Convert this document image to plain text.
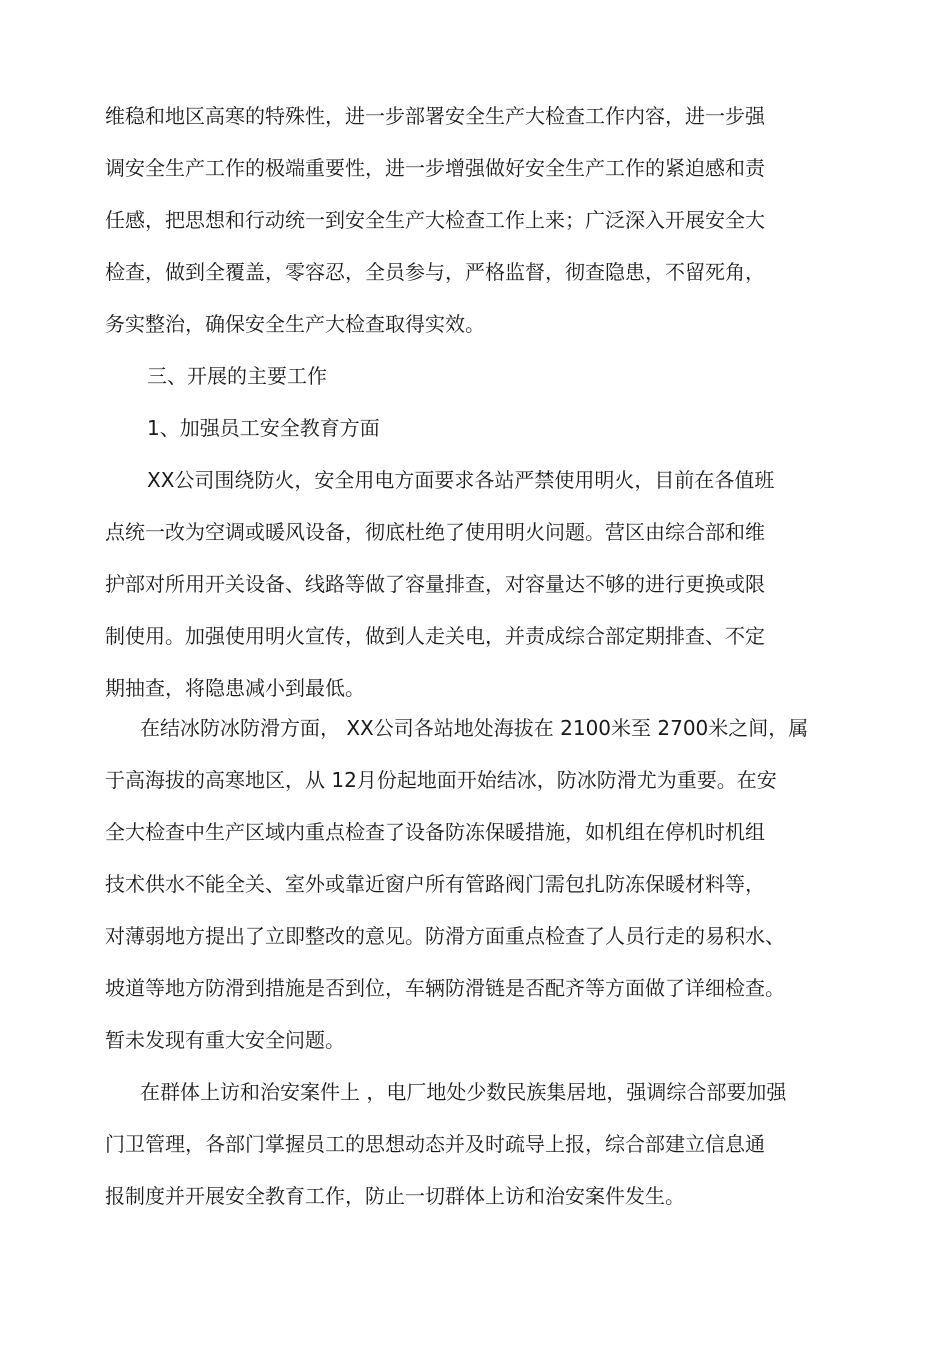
维稳和地区高寒的特殊性，进一步部署安全生产大检查工作内容，进一步强
调安全生产工作的极端重要性，进一步增强做好安全生产工作的紧迫感和责
任感，把思想和行动统一到安全生产大检查工作上来；广泛深入开展安全大
检查，做到全覆盖，零容忍，全员参与，严格监督，彻查隐患，不留死角，
务实整治，确保安全生产大检查取得实效。
三、开展的主要工作
1、加强员工安全教育方面
XX公司围绕防火，安全用电方面要求各站严禁使用明火，目前在各值班
点统一改为空调或暖风设备，彻底杜绝了使用明火问题。营区由综合部和维
护部对所用开关设备、线路等做了容量排查，对容量达不够的进行更换或限
制使用。加强使用明火宣传，做到人走关电，并责成综合部定期排查、不定
期抽查，将隐患减小到最低。
在结冰防冰防滑方面， XX公司各站地处海拔在 2100米至 2700米之间，属
于高海拔的高寒地区，从 12月份起地面开始结冰，防冰防滑尤为重要。在安
全大检查中生产区域内重点检查了设备防冻保暖措施，如机组在停机时机组
技术供水不能全关、室外或靠近窗户所有管路阀门需包扎防冻保暖材料等，
对薄弱地方提出了立即整改的意见。防滑方面重点检查了人员行走的易积水、
坡道等地方防滑到措施是否到位，车辆防滑链是否配齐等方面做了详细检查。
暂未发现有重大安全问题。
在群体上访和治安案件上 ，电厂地处少数民族集居地，强调综合部要加强
门卫管理，各部门掌握员工的思想动态并及时疏导上报，综合部建立信息通
报制度并开展安全教育工作，防止一切群体上访和治安案件发生。
